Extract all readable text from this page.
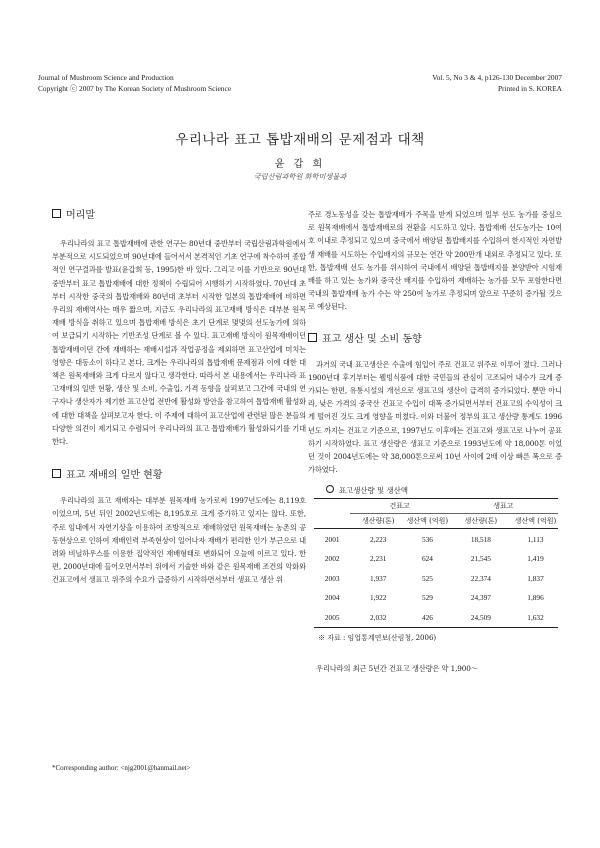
Journal of Mushroom Science and Production
Copyright ⓒ 2007 by The Korean Society of Mushroom Science
Vol. 5, No 3 & 4, p126-130 December 2007
Printed in S. KOREA
우리나라 표고 톱밥재배의 문제점과 대책
윤 갑 희
국립산림과학원 화학미생물과
머리말

우리나라의 표고 톱밥재배에 관한 연구는 80년대 중반부터 국립산림과학원에서 부분적으로 시도되었으며 90년대에 들어서서 본격적인 기초 연구에 착수하여 종합적인 연구결과를 발표(윤갑희 등, 1995)한 바 있다. 그리고 이를 기반으로 90년대 중반부터 표고 톱밥재배에 대한 정책이 수립되어 시행하기 시작하였다. 70년대 초부터 시작한 중국의 톱밥재배와 80년대 초부터 시작한 일본의 톱밥재배에 비하면 우리의 재배역사는 매우 짧으며, 지금도 우리나라의 표고재배 방식은 대부분 원목재배 방식을 취하고 있으며 톱밥재배 방식은 초기 단계로 몇몇의 선도농가에 의하여 보급되기 시작하는 기반조성 단계로 볼 수 있다. 표고재배 방식이 원목재배이던 톱밥재배이던 간에 재배하는 재배시설과 작업공정을 제외하면 표고산업에 미치는 영향은 대동소이 하다고 본다, 크게는 우리나라의 톱밥재배 문제점과 이에 대한 대책은 원목재배와 크게 다르지 않다고 생각한다. 따라서 본 내용에서는 우리나라 표고재배의 일반 현황, 생산 및 소비, 수출입, 가격 동향을 살펴보고 그간에 국내의 연구자나 생산자가 제기한 표고산업 전반에 활성화 방안을 참고하여 톱밥재배 활성화에 대한 대책을 살펴보고자 한다. 이 주제에 대하여 표고산업에 관련된 많은 분들의 다양한 의견이 제기되고 수렴되어 우리나라의 표고 톱밥재배가 활성화되기를 기대한다.

표고 재배의 일반 현황

우리나라의 표고 재배자는 대부분 원목재배 농가로써 1997년도에는 8,119호이었으며, 5년 뒤인 2002년도에는 8,195호로 크게 증가하고 있지는 않다. 또한, 주로 임내에서 자연기상을 이용하여 조방적으로 재배하였던 원목재배는 농촌의 공동현상으로 인하여 재배인력 부족현상이 일어나자 재배가 편리한 인가 부근으로 내려와 비닐하우스를 이용한 집약적인 재배형태로 변화되어 오늘에 이르고 있다. 한편, 2000년대에 들어오면서부터 위에서 기술한 바와 같은 원목재배 조건의 악화와 건표고에서 생표고 위주의 수요가 급증하기 시작하면서부터 생표고 생산 위

주로 경노동성을 갖는 톱밥재배가 주목을 받게 되었으며 일부 선도 농가를 중심으로 원목재배에서 톱밥재배로의 전환을 시도하고 있다. 톱밥재배 선도농가는 10여호 이내로 추정되고 있으며 중국에서 배양된 톱밥배지를 수입하여 한시적인 자연발생 재배를 시도하는 수입배지의 규모는 연간 약 200만개 내외로 추정되고 있다. 또한, 톱밥재배 선도 농가를 위시하여 국내에서 배양된 톱밥배지를 분양받아 시험재배를 하고 있는 농가와 중국산 배지를 수입하여 재배하는 농가를 모두 포함한다면 국내의 톱밥재배 농가 수는 약 250여 농가로 추정되며 앞으로 꾸준히 증가될 것으로 예상된다.

표고 생산 및 소비 동향

과거의 국내 표고생산은 수출에 힘입어 주로 건표고 위주로 이루어 졌다. 그러나 1900년대 후기부터는 웰빙식품에 대한 국민들의 관심이 고조되어 내수가 크게 증가되는 한편, 유통시설의 개선으로 생표고의 생산이 급격히 증가되었다. 뿐만 아니라, 낮은 가격의 중국산 건표고 수입이 대폭 증가되면서부터 건표고의 수익성이 크게 떨어진 것도 크게 영향을 미쳤다. 이와 더불어 정부의 표고 생산량 통계도 1996년도 까지는 건표고 기준으로, 1997년도 이후에는 건표고와 생표고로 나누어 공표하기 시작하였다. 표고 생산량은 생표고 기준으로 1993년도에 약 18,000톤 이었던 것이 2004년도에는 약 38,000톤으로써 10년 사이에 2배 이상 빠른 폭으로 증가하였다.

표고생산량 및 생산액
	건표고		생표고	
	생산량(톤)	생산액 (억원)	생산량(톤)	생산액 (억원)
2001	2,223	536	18,518	1,113
2002	2,231	624	21,545	1,419
2003	1,937	525	22,374	1,837
2004	1,922	529	24,397	1,896
2005	2,032	426	24,509	1,632
※ 자료 : 임업통계연보(산림청, 2006)

우리나라의 최근 5년간 건표고 생산량은 약 1,900～

*Corresponding author: <njg2001@hanmail.net>
